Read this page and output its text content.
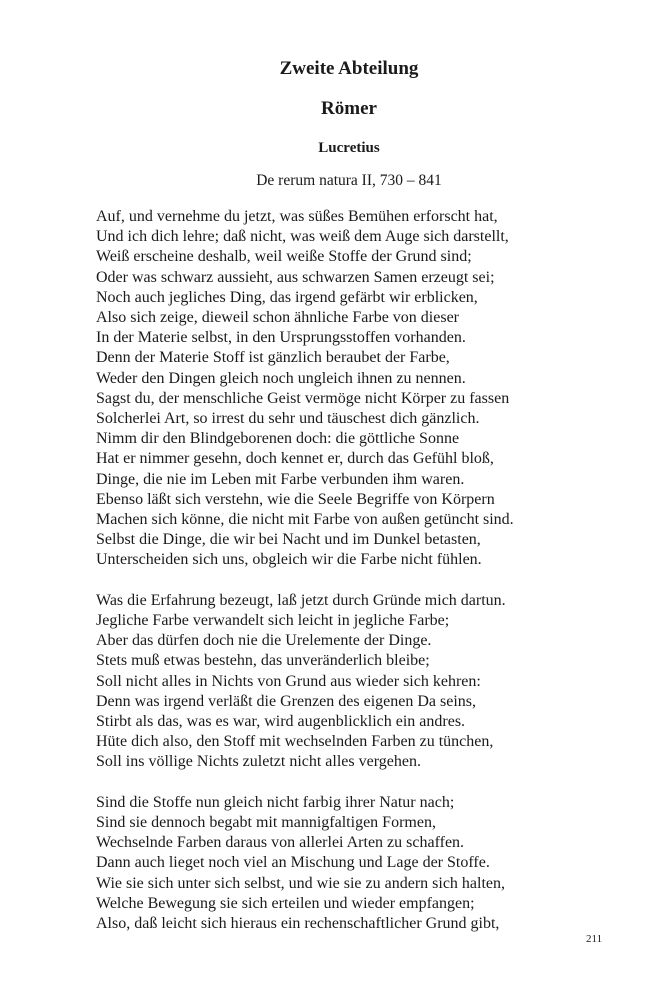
Zweite Abteilung
Römer
Lucretius
De rerum natura II, 730 – 841
Auf, und vernehme du jetzt, was süßes Bemühen erforscht hat,
Und ich dich lehre; daß nicht, was weiß dem Auge sich darstellt,
Weiß erscheine deshalb, weil weiße Stoffe der Grund sind;
Oder was schwarz aussieht, aus schwarzen Samen erzeugt sei;
Noch auch jegliches Ding, das irgend gefärbt wir erblicken,
Also sich zeige, dieweil schon ähnliche Farbe von dieser
In der Materie selbst, in den Ursprungsstoffen vorhanden.
Denn der Materie Stoff ist gänzlich beraubet der Farbe,
Weder den Dingen gleich noch ungleich ihnen zu nennen.
Sagst du, der menschliche Geist vermöge nicht Körper zu fassen
Solcherlei Art, so irrest du sehr und täuschest dich gänzlich.
Nimm dir den Blindgeborenen doch: die göttliche Sonne
Hat er nimmer gesehn, doch kennet er, durch das Gefühl bloß,
Dinge, die nie im Leben mit Farbe verbunden ihm waren.
Ebenso läßt sich verstehn, wie die Seele Begriffe von Körpern
Machen sich könne, die nicht mit Farbe von außen getüncht sind.
Selbst die Dinge, die wir bei Nacht und im Dunkel betasten,
Unterscheiden sich uns, obgleich wir die Farbe nicht fühlen.
Was die Erfahrung bezeugt, laß jetzt durch Gründe mich dartun.
Jegliche Farbe verwandelt sich leicht in jegliche Farbe;
Aber das dürfen doch nie die Urelemente der Dinge.
Stets muß etwas bestehn, das unveränderlich bleibe;
Soll nicht alles in Nichts von Grund aus wieder sich kehren:
Denn was irgend verläßt die Grenzen des eigenen Da seins,
Stirbt als das, was es war, wird augenblicklich ein andres.
Hüte dich also, den Stoff mit wechselnden Farben zu tünchen,
Soll ins völlige Nichts zuletzt nicht alles vergehen.
Sind die Stoffe nun gleich nicht farbig ihrer Natur nach;
Sind sie dennoch begabt mit mannigfaltigen Formen,
Wechselnde Farben daraus von allerlei Arten zu schaffen.
Dann auch lieget noch viel an Mischung und Lage der Stoffe.
Wie sie sich unter sich selbst, und wie sie zu andern sich halten,
Welche Bewegung sie sich erteilen und wieder empfangen;
Also, daß leicht sich hieraus ein rechenschaftlicher Grund gibt,
211
